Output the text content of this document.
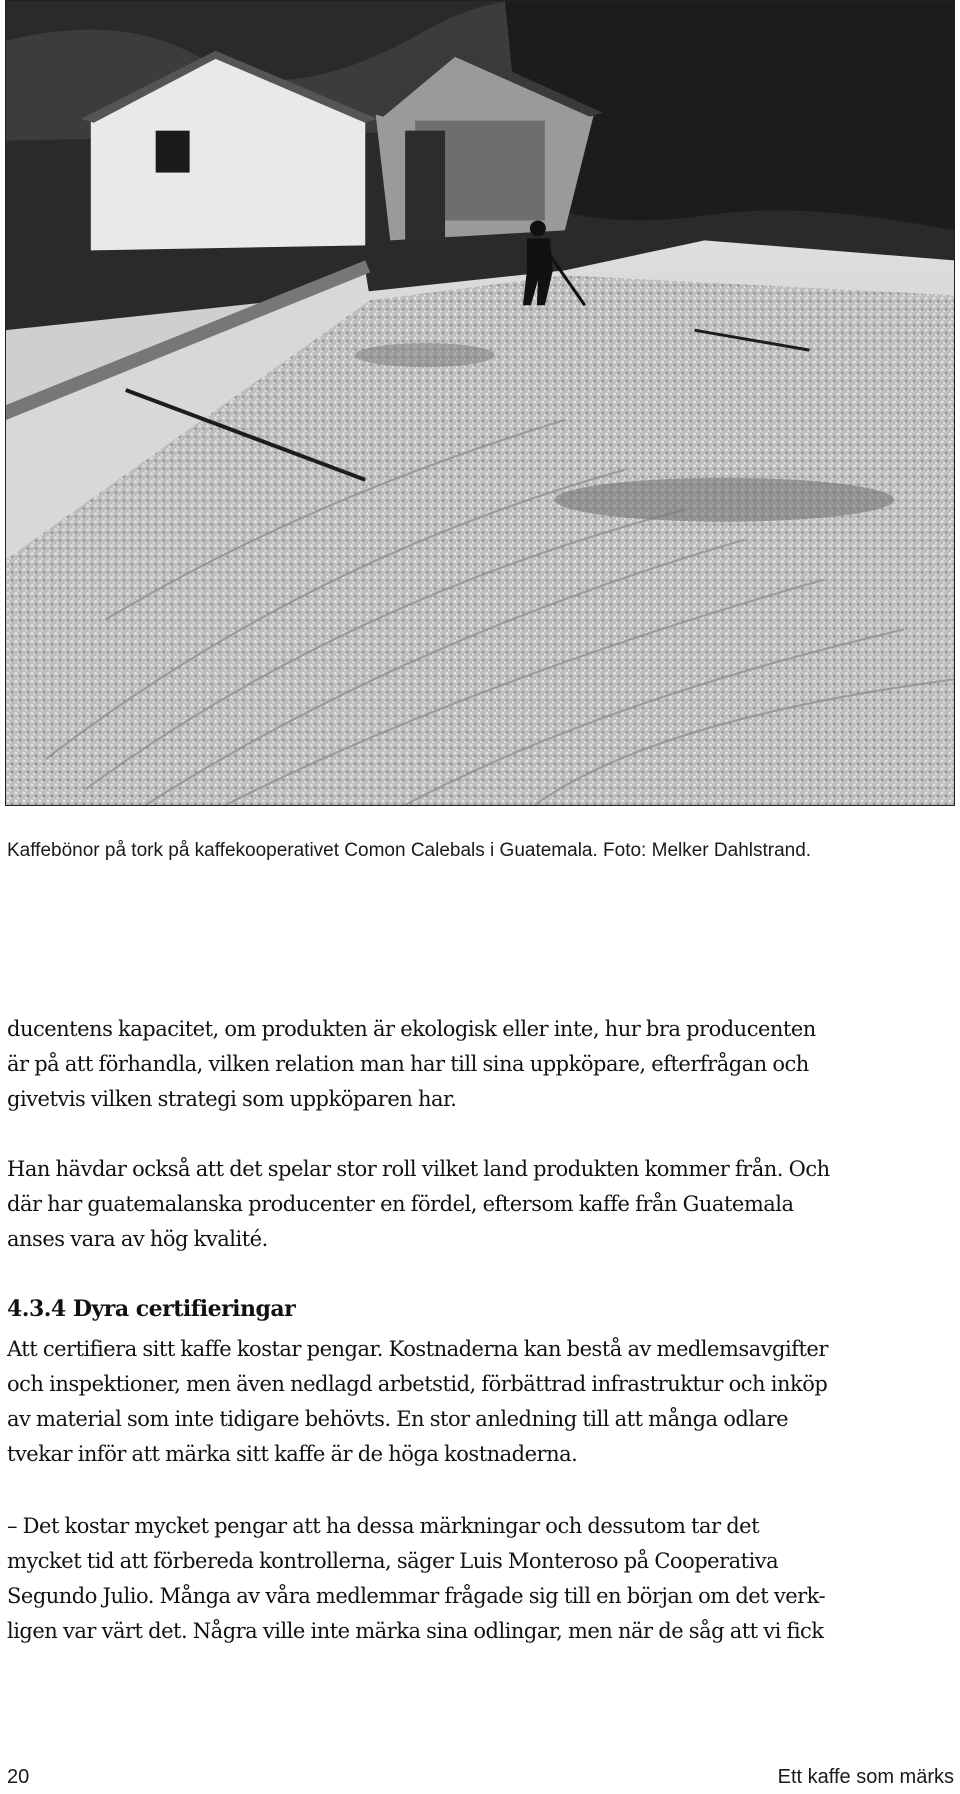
Kaffebönor på tork på kaffekooperativet Comon Calebals i Guatemala. Foto: Melker Dahlstrand.
ducentens kapacitet, om produkten är ekologisk eller inte, hur bra producenten
är på att förhandla, vilken relation man har till sina uppköpare, efterfrågan och
givetvis vilken strategi som uppköparen har.
Han hävdar också att det spelar stor roll vilket land produkten kommer från. Och
där har guatemalanska producenter en fördel, eftersom kaffe från Guatemala
anses vara av hög kvalité.
4.3.4 Dyra certifieringar
Att certifiera sitt kaffe kostar pengar. Kostnaderna kan bestå av medlemsavgifter
och inspektioner, men även nedlagd arbetstid, förbättrad infrastruktur och inköp
av material som inte tidigare behövts. En stor anledning till att många odlare
tvekar inför att märka sitt kaffe är de höga kostnaderna.
– Det kostar mycket pengar att ha dessa märkningar och dessutom tar det
mycket tid att förbereda kontrollerna, säger Luis Monteroso på Cooperativa
Segundo Julio. Många av våra medlemmar frågade sig till en början om det verk-
ligen var värt det. Några ville inte märka sina odlingar, men när de såg att vi fick
20	Ett kaffe som märks
